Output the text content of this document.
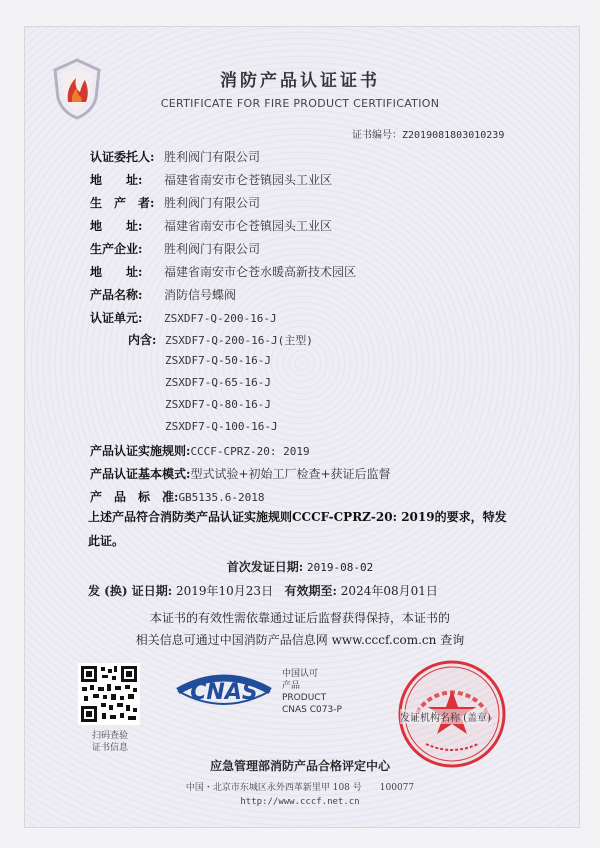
消防产品认证证书
CERTIFICATE FOR FIRE PRODUCT CERTIFICATION
证书编号：Z2019081803010239
认证委托人: 胜利阀门有限公司
地　　址: 福建省南安市仑苍镇园头工业区
生　产　者: 胜利阀门有限公司
地　　址: 福建省南安市仑苍镇园头工业区
生产企业: 胜利阀门有限公司
地　　址: 福建省南安市仑苍水暖高新技术园区
产品名称: 消防信号蝶阀
认证单元: ZSXDF7-Q-200-16-J
内含: ZSXDF7-Q-200-16-J(主型)
ZSXDF7-Q-50-16-J
ZSXDF7-Q-65-16-J
ZSXDF7-Q-80-16-J
ZSXDF7-Q-100-16-J
产品认证实施规则:CCCF-CPRZ-20: 2019
产品认证基本模式:型式试验+初始工厂检查+获证后监督
产　品　标　准:GB5135.6-2018
上述产品符合消防类产品认证实施规则CCCF-CPRZ-20: 2019的要求，特发此证。
首次发证日期: 2019-08-02
发 (换) 证日期: 2019年10月23日 有效期至: 2024年08月01日
本证书的有效性需依靠通过证后监督获得保持，本证书的
相关信息可通过中国消防产品信息网 www.cccf.com.cn 查询
扫码查验
证书信息
CNAS
中国认可
产品
PRODUCT
CNAS C073-P
发证机构名称 (盖章)
应急管理部消防产品合格评定中心
中国・北京市东城区永外西革新里甲 108 号　　100077
http://www.cccf.net.cn
